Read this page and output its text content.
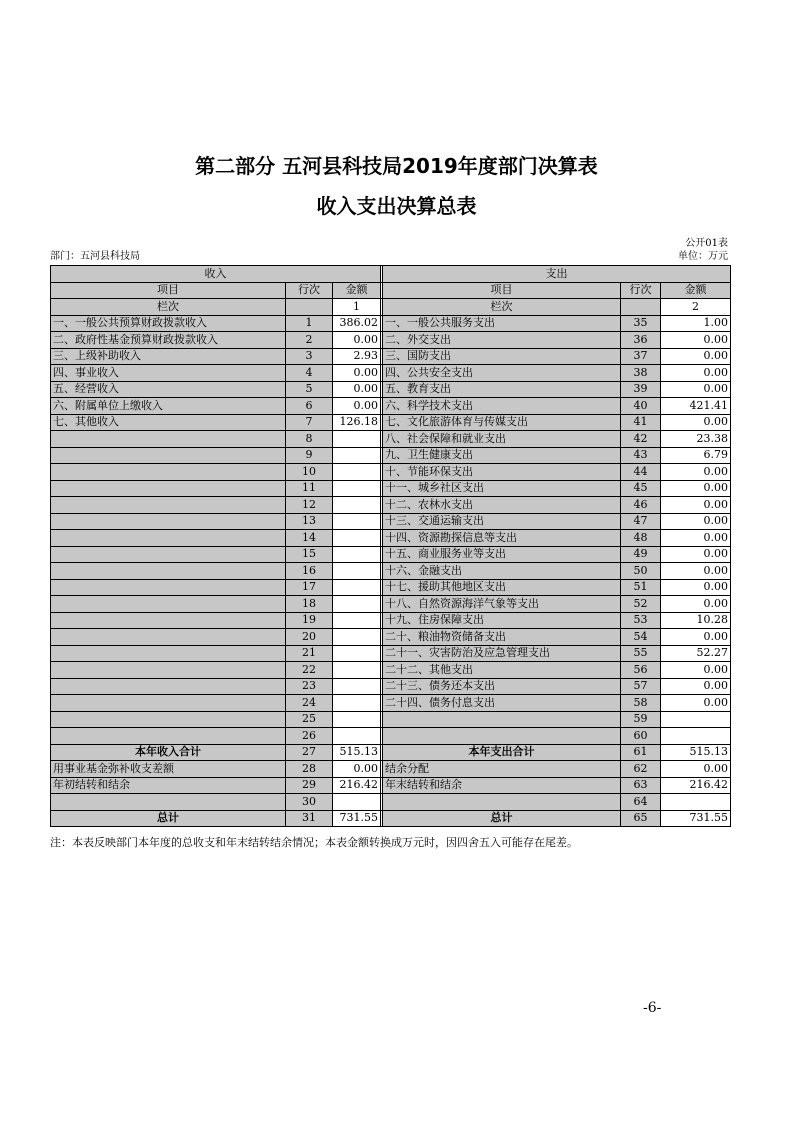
第二部分 五河县科技局2019年度部门决算表
收入支出决算总表
公开01表
部门：五河县科技局	单位：万元
收入				支出		
项目	行次	金额		项目	行次	金额
栏次		1		栏次		2
一、一般公共预算财政拨款收入	1	386.02		一、一般公共服务支出	35	1.00
二、政府性基金预算财政拨款收入	2	0.00		二、外交支出	36	0.00
三、上级补助收入	3	2.93		三、国防支出	37	0.00
四、事业收入	4	0.00		四、公共安全支出	38	0.00
五、经营收入	5	0.00		五、教育支出	39	0.00
六、附属单位上缴收入	6	0.00		六、科学技术支出	40	421.41
七、其他收入	7	126.18		七、文化旅游体育与传媒支出	41	0.00
	8			八、社会保障和就业支出	42	23.38
	9			九、卫生健康支出	43	6.79
	10			十、节能环保支出	44	0.00
	11			十一、城乡社区支出	45	0.00
	12			十二、农林水支出	46	0.00
	13			十三、交通运输支出	47	0.00
	14			十四、资源勘探信息等支出	48	0.00
	15			十五、商业服务业等支出	49	0.00
	16			十六、金融支出	50	0.00
	17			十七、援助其他地区支出	51	0.00
	18			十八、自然资源海洋气象等支出	52	0.00
	19			十九、住房保障支出	53	10.28
	20			二十、粮油物资储备支出	54	0.00
	21			二十一、灾害防治及应急管理支出	55	52.27
	22			二十二、其他支出	56	0.00
	23			二十三、债务还本支出	57	0.00
	24			二十四、债务付息支出	58	0.00
	25				59	
	26				60	
本年收入合计	27	515.13		本年支出合计	61	515.13
用事业基金弥补收支差额	28	0.00		结余分配	62	0.00
年初结转和结余	29	216.42		年末结转和结余	63	216.42
	30				64	
总计	31	731.55		总计	65	731.55
注：本表反映部门本年度的总收支和年末结转结余情况；本表金额转换成万元时，因四舍五入可能存在尾差。
-6-
